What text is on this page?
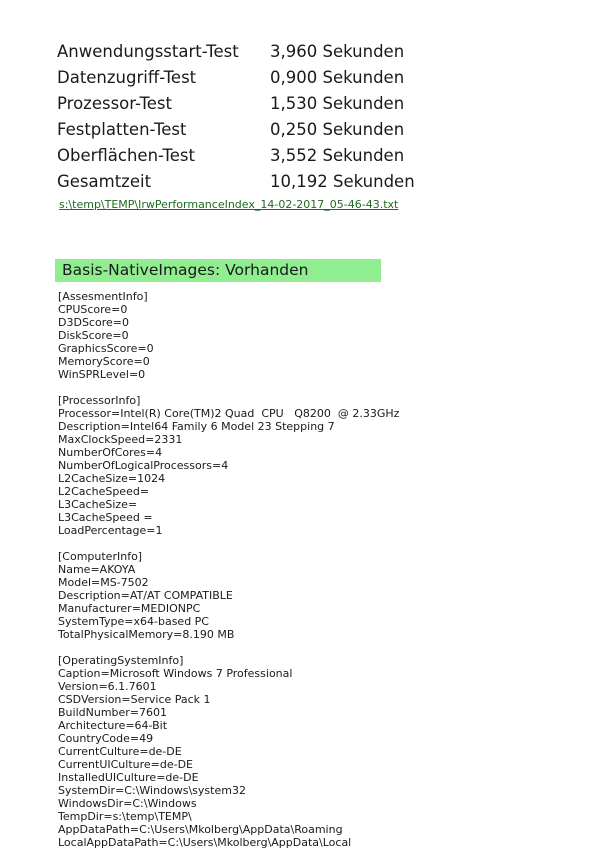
Anwendungsstart-Test 3,960 Sekunden
Datenzugriff-Test	0,900 Sekunden
Prozessor-Test	1,530 Sekunden
Festplatten-Test	0,250 Sekunden
Oberflächen-Test	3,552 Sekunden
Gesamtzeit	10,192 Sekunden
s:\temp\TEMP\IrwPerformanceIndex_14-02-2017_05-46-43.txt
Basis-NativeImages: Vorhanden
[AssesmentInfo]
CPUScore=0
D3DScore=0
DiskScore=0
GraphicsScore=0
MemoryScore=0
WinSPRLevel=0
[ProcessorInfo]
Processor=Intel(R) Core(TM)2 Quad  CPU   Q8200  @ 2.33GHz
Description=Intel64 Family 6 Model 23 Stepping 7
MaxClockSpeed=2331
NumberOfCores=4
NumberOfLogicalProcessors=4
L2CacheSize=1024
L2CacheSpeed=
L3CacheSize=
L3CacheSpeed =
LoadPercentage=1
[ComputerInfo]
Name=AKOYA
Model=MS-7502
Description=AT/AT COMPATIBLE
Manufacturer=MEDIONPC
SystemType=x64-based PC
TotalPhysicalMemory=8.190 MB
[OperatingSystemInfo]
Caption=Microsoft Windows 7 Professional
Version=6.1.7601
CSDVersion=Service Pack 1
BuildNumber=7601
Architecture=64-Bit
CountryCode=49
CurrentCulture=de-DE
CurrentUICulture=de-DE
InstalledUICulture=de-DE
SystemDir=C:\Windows\system32
WindowsDir=C:\Windows
TempDir=s:\temp\TEMP\
AppDataPath=C:\Users\Mkolberg\AppData\Roaming
LocalAppDataPath=C:\Users\Mkolberg\AppData\Local
